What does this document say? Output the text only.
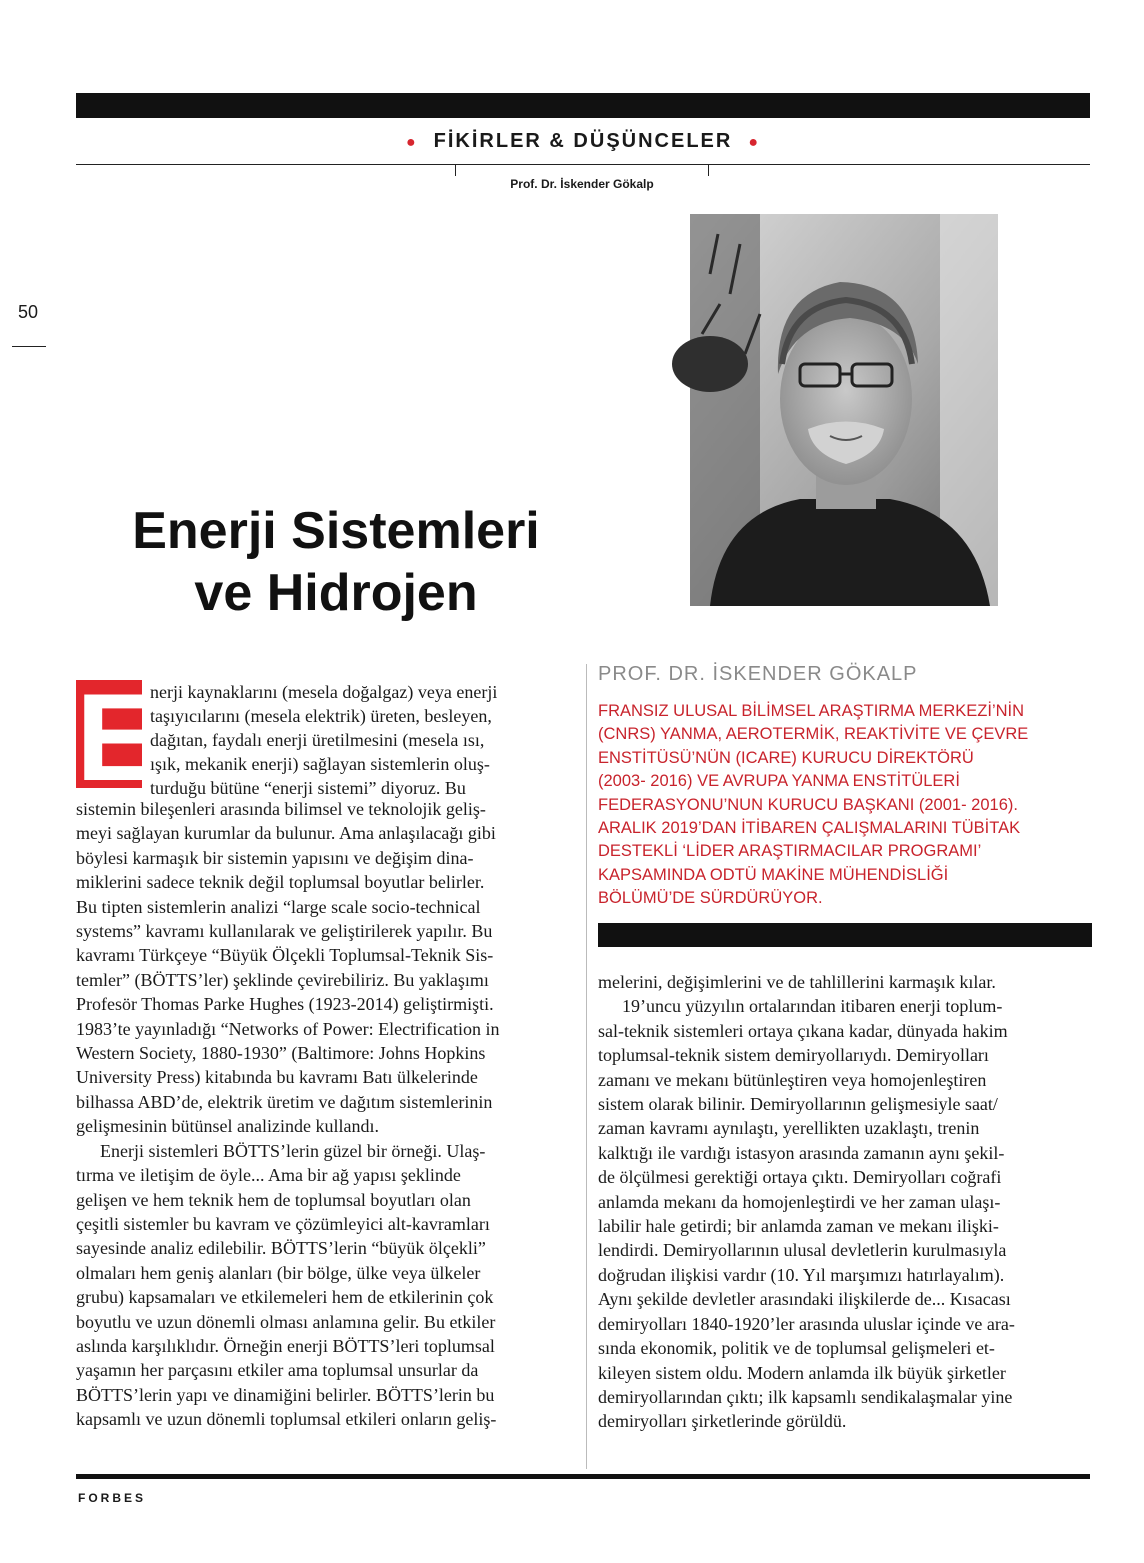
● FİKİRLER & DÜŞÜNCELER ●
Prof. Dr. İskender Gökalp
50
Enerji Sistemleri
ve Hidrojen
E
nerji kaynaklarını (mesela doğalgaz) veya enerji
taşıyıcılarını (mesela elektrik) üreten, besleyen,
dağıtan, faydalı enerji üretilmesini (mesela ısı,
ışık, mekanik enerji) sağlayan sistemlerin oluş-
turduğu bütüne “enerji sistemi” diyoruz. Bu

sistemin bileşenleri arasında bilimsel ve teknolojik geliş-
meyi sağlayan kurumlar da bulunur. Ama anlaşılacağı gibi
böylesi karmaşık bir sistemin yapısını ve değişim dina-
miklerini sadece teknik değil toplumsal boyutlar belirler.
Bu tipten sistemlerin analizi “large scale socio-technical
systems” kavramı kullanılarak ve geliştirilerek yapılır. Bu
kavramı Türkçeye “Büyük Ölçekli Toplumsal-Teknik Sis-
temler” (BÖTTS’ler) şeklinde çevirebiliriz. Bu yaklaşımı
Profesör Thomas Parke Hughes (1923-2014) geliştirmişti.
1983’te yayınladığı “Networks of Power: Electrification in
Western Society, 1880-1930” (Baltimore: Johns Hopkins
University Press) kitabında bu kavramı Batı ülkelerinde
bilhassa ABD’de, elektrik üretim ve dağıtım sistemlerinin
gelişmesinin bütünsel analizinde kullandı.

Enerji sistemleri BÖTTS’lerin güzel bir örneği. Ulaş-
tırma ve iletişim de öyle... Ama bir ağ yapısı şeklinde
gelişen ve hem teknik hem de toplumsal boyutları olan
çeşitli sistemler bu kavram ve çözümleyici alt-kavramları
sayesinde analiz edilebilir. BÖTTS’lerin “büyük ölçekli”
olmaları hem geniş alanları (bir bölge, ülke veya ülkeler
grubu) kapsamaları ve etkilemeleri hem de etkilerinin çok
boyutlu ve uzun dönemli olması anlamına gelir. Bu etkiler
aslında karşılıklıdır. Örneğin enerji BÖTTS’leri toplumsal
yaşamın her parçasını etkiler ama toplumsal unsurlar da
BÖTTS’lerin yapı ve dinamiğini belirler. BÖTTS’lerin bu
kapsamlı ve uzun dönemli toplumsal etkileri onların geliş-

PROF. DR. İSKENDER GÖKALP
FRANSIZ ULUSAL BİLİMSEL ARAŞTIRMA MERKEZİ’NİN
(CNRS) YANMA, AEROTERMİK, REAKTİVİTE VE ÇEVRE
ENSTİTÜSÜ’NÜN (ICARE) KURUCU DİREKTÖRÜ
(2003- 2016) VE AVRUPA YANMA ENSTİTÜLERİ
FEDERASYONU’NUN KURUCU BAŞKANI (2001- 2016).
ARALIK 2019’DAN İTİBAREN ÇALIŞMALARINI TÜBİTAK
DESTEKLİ ‘LİDER ARAŞTIRMACILAR PROGRAMI’
KAPSAMINDA ODTÜ MAKİNE MÜHENDİSLİĞİ
BÖLÜMÜ’DE SÜRDÜRÜYOR.

melerini, değişimlerini ve de tahlillerini karmaşık kılar.

19’uncu yüzyılın ortalarından itibaren enerji toplum-
sal-teknik sistemleri ortaya çıkana kadar, dünyada hakim
toplumsal-teknik sistem demiryollarıydı. Demiryolları
zamanı ve mekanı bütünleştiren veya homojenleştiren
sistem olarak bilinir. Demiryollarının gelişmesiyle saat/
zaman kavramı aynılaştı, yerellikten uzaklaştı, trenin
kalktığı ile vardığı istasyon arasında zamanın aynı şekil-
de ölçülmesi gerektiği ortaya çıktı. Demiryolları coğrafi
anlamda mekanı da homojenleştirdi ve her zaman ulaşı-
labilir hale getirdi; bir anlamda zaman ve mekanı ilişki-
lendirdi. Demiryollarının ulusal devletlerin kurulmasıyla
doğrudan ilişkisi vardır (10. Yıl marşımızı hatırlayalım).
Aynı şekilde devletler arasındaki ilişkilerde de... Kısacası
demiryolları 1840-1920’ler arasında uluslar içinde ve ara-
sında ekonomik, politik ve de toplumsal gelişmeleri et-
kileyen sistem oldu. Modern anlamda ilk büyük şirketler
demiryollarından çıktı; ilk kapsamlı sendikalaşmalar yine
demiryolları şirketlerinde görüldü.

FORBES
